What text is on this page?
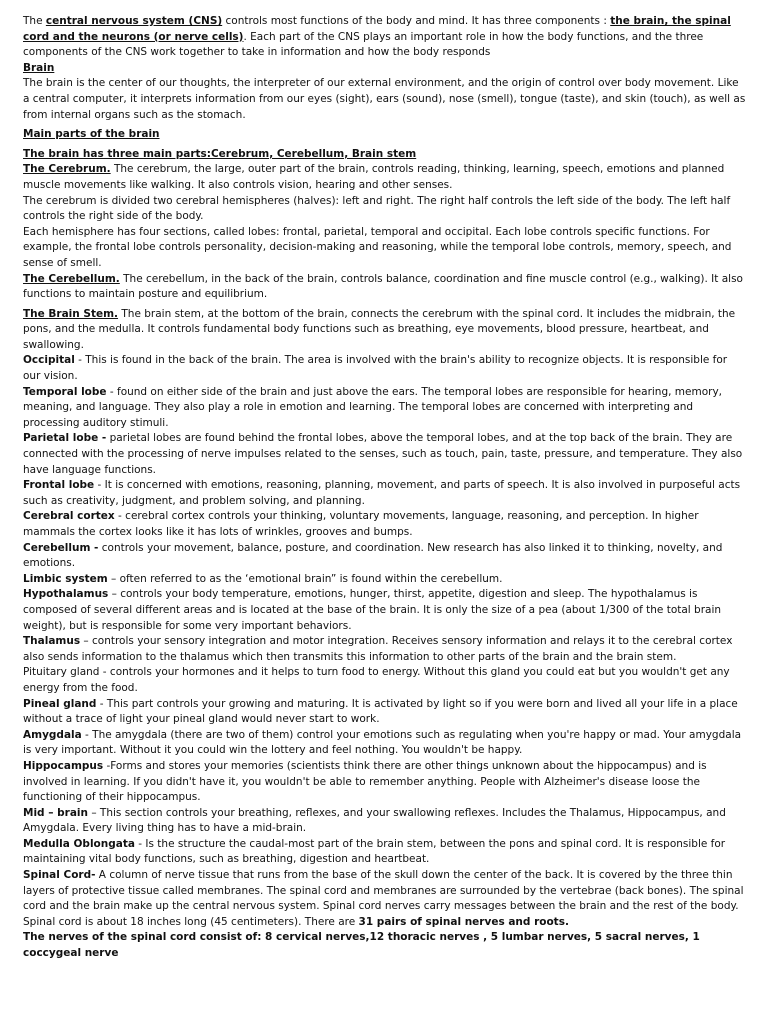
The central nervous system (CNS) controls most functions of the body and mind. It has three components : the brain, the spinal cord and the neurons (or nerve cells). Each part of the CNS plays an important role in how the body functions, and the three components of the CNS work together to take in information and how the body responds

Brain

The brain is the center of our thoughts, the interpreter of our external environment, and the origin of control over body movement. Like a central computer, it interprets information from our eyes (sight), ears (sound), nose (smell), tongue (taste), and skin (touch), as well as from internal organs such as the stomach.

Main parts of the brain

The brain has three main parts:Cerebrum, Cerebellum, Brain stem

The Cerebrum. The cerebrum, the large, outer part of the brain, controls reading, thinking, learning, speech, emotions and planned muscle movements like walking. It also controls vision, hearing and other senses.

The cerebrum is divided two cerebral hemispheres (halves): left and right. The right half controls the left side of the body. The left half controls the right side of the body.

Each hemisphere has four sections, called lobes: frontal, parietal, temporal and occipital. Each lobe controls specific functions. For example, the frontal lobe controls personality, decision-making and reasoning, while the temporal lobe controls, memory, speech, and sense of smell.

The Cerebellum. The cerebellum, in the back of the brain, controls balance, coordination and fine muscle control (e.g., walking). It also functions to maintain posture and equilibrium.

The Brain Stem. The brain stem, at the bottom of the brain, connects the cerebrum with the spinal cord. It includes the midbrain, the pons, and the medulla. It controls fundamental body functions such as breathing, eye movements, blood pressure, heartbeat, and swallowing.

Occipital - This is found in the back of the brain. The area is involved with the brain's ability to recognize objects. It is responsible for our vision.

Temporal lobe - found on either side of the brain and just above the ears. The temporal lobes are responsible for hearing, memory, meaning, and language. They also play a role in emotion and learning. The temporal lobes are concerned with interpreting and processing auditory stimuli.

Parietal lobe - parietal lobes are found behind the frontal lobes, above the temporal lobes, and at the top back of the brain. They are connected with the processing of nerve impulses related to the senses, such as touch, pain, taste, pressure, and temperature. They also have language functions.

Frontal lobe - It is concerned with emotions, reasoning, planning, movement, and parts of speech. It is also involved in purposeful acts such as creativity, judgment, and problem solving, and planning.

Cerebral cortex - cerebral cortex controls your thinking, voluntary movements, language, reasoning, and perception. In higher mammals the cortex looks like it has lots of wrinkles, grooves and bumps.

Cerebellum - controls your movement, balance, posture, and coordination. New research has also linked it to thinking, novelty, and emotions.

Limbic system – often referred to as the ‘emotional brain” is found within the cerebellum.

Hypothalamus – controls your body temperature, emotions, hunger, thirst, appetite, digestion and sleep. The hypothalamus is composed of several different areas and is located at the base of the brain. It is only the size of a pea (about 1/300 of the total brain weight), but is responsible for some very important behaviors.

Thalamus – controls your sensory integration and motor integration. Receives sensory information and relays it to the cerebral cortex also sends information to the thalamus which then transmits this information to other parts of the brain and the brain stem.

Pituitary gland - controls your hormones and it helps to turn food to energy. Without this gland you could eat but you wouldn't get any energy from the food.

Pineal gland - This part controls your growing and maturing. It is activated by light so if you were born and lived all your life in a place without a trace of light your pineal gland would never start to work.

Amygdala - The amygdala (there are two of them) control your emotions such as regulating when you're happy or mad. Your amygdala is very important. Without it you could win the lottery and feel nothing. You wouldn't be happy.

Hippocampus -Forms and stores your memories (scientists think there are other things unknown about the hippocampus) and is involved in learning. If you didn't have it, you wouldn't be able to remember anything. People with Alzheimer's disease loose the functioning of their hippocampus.

Mid – brain – This section controls your breathing, reflexes, and your swallowing reflexes. Includes the Thalamus, Hippocampus, and Amygdala. Every living thing has to have a mid-brain.

Medulla Oblongata - Is the structure the caudal-most part of the brain stem, between the pons and spinal cord. It is responsible for maintaining vital body functions, such as breathing, digestion and heartbeat.

Spinal Cord- A column of nerve tissue that runs from the base of the skull down the center of the back. It is covered by the three thin layers of protective tissue called membranes. The spinal cord and membranes are surrounded by the vertebrae (back bones). The spinal cord and the brain make up the central nervous system. Spinal cord nerves carry messages between the brain and the rest of the body. Spinal cord is about 18 inches long (45 centimeters). There are 31 pairs of spinal nerves and roots.

The nerves of the spinal cord consist of: 8 cervical nerves,12 thoracic nerves , 5 lumbar nerves, 5 sacral nerves, 1 coccygeal nerve
